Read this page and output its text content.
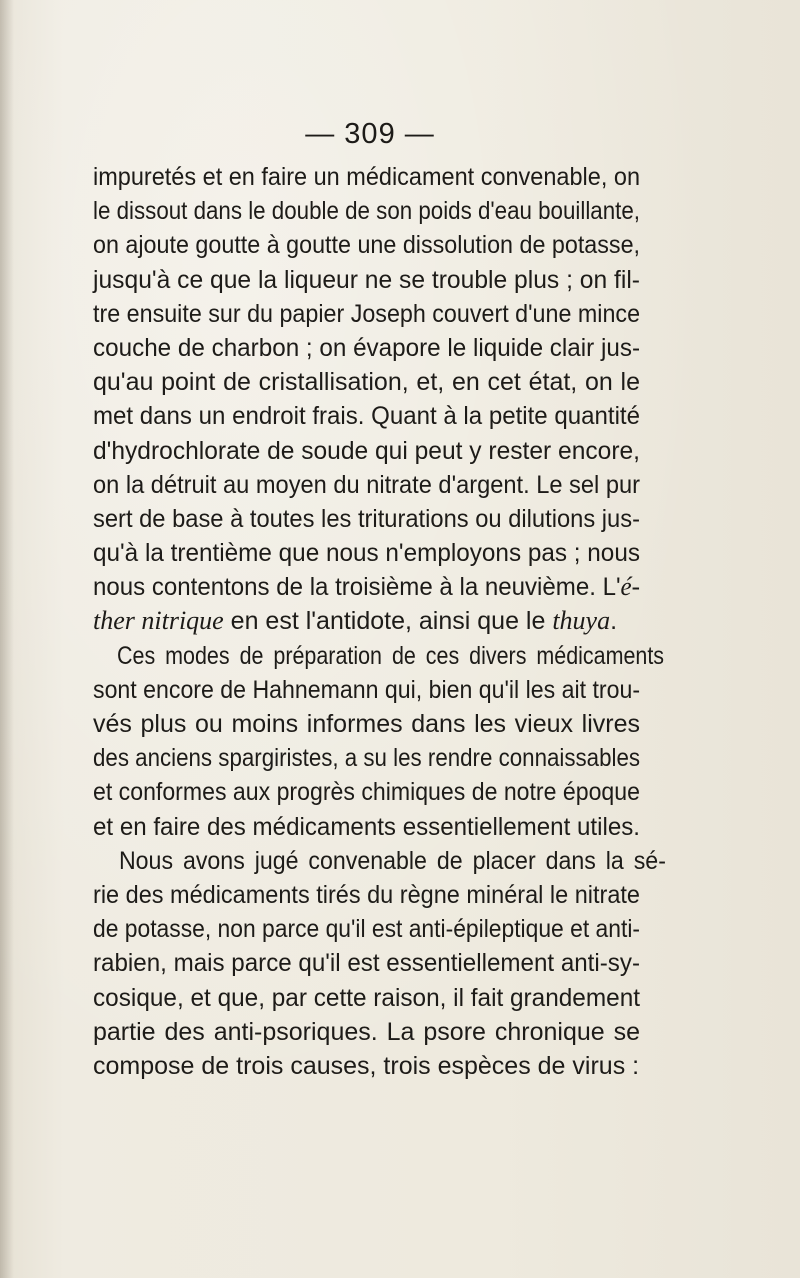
— 309 —
impuretés et en faire un médicament convenable, on
le dissout dans le double de son poids d'eau bouillante,
on ajoute goutte à goutte une dissolution de potasse,
jusqu'à ce que la liqueur ne se trouble plus ; on fil-
tre ensuite sur du papier Joseph couvert d'une mince
couche de charbon ; on évapore le liquide clair jus-
qu'au point de cristallisation, et, en cet état, on le
met dans un endroit frais. Quant à la petite quantité
d'hydrochlorate de soude qui peut y rester encore,
on la détruit au moyen du nitrate d'argent. Le sel pur
sert de base à toutes les triturations ou dilutions jus-
qu'à la trentième que nous n'employons pas ; nous
nous contentons de la troisième à la neuvième. L'é-
ther nitrique en est l'antidote, ainsi que le thuya.
Ces modes de préparation de ces divers médicaments
sont encore de Hahnemann qui, bien qu'il les ait trou-
vés plus ou moins informes dans les vieux livres
des anciens spargiristes, a su les rendre connaissables
et conformes aux progrès chimiques de notre époque
et en faire des médicaments essentiellement utiles.
Nous avons jugé convenable de placer dans la sé-
rie des médicaments tirés du règne minéral le nitrate
de potasse, non parce qu'il est anti-épileptique et anti-
rabien, mais parce qu'il est essentiellement anti-sy-
cosique, et que, par cette raison, il fait grandement
partie des anti-psoriques. La psore chronique se
compose de trois causes, trois espèces de virus :
